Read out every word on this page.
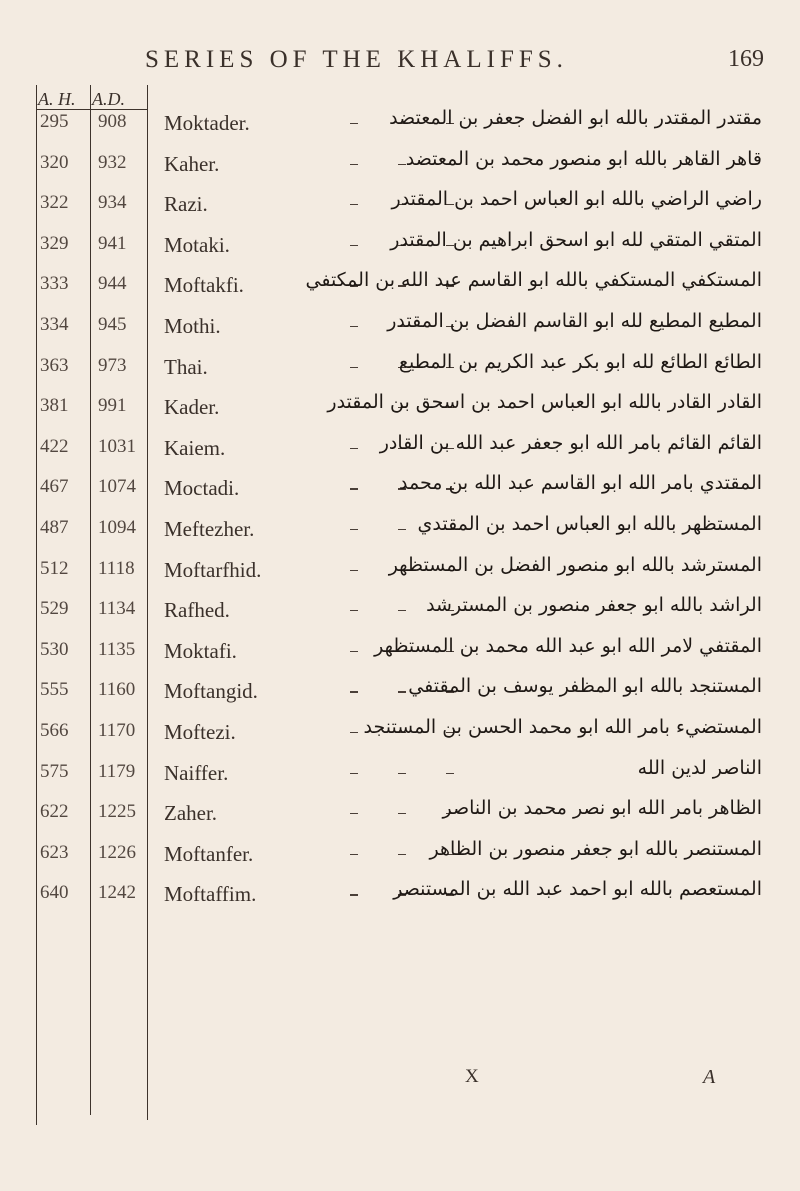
SERIES OF THE KHALIFFS.	169
A. H. A.D.
295 908 Moktader.	مقتدر المقتدر بالله ابو الفضل جعفر بن المعتضد
320 932 Kaher.	قاهر القاهر بالله ابو منصور محمد بن المعتضد
322 934 Razi.	راضي الراضي بالله ابو العباس احمد بن المقتدر
329 941 Motaki.	المتقي المتقي لله ابو اسحق ابراهيم بن المقتدر
333 944 Moftakfi.	المستكفي المستكفي بالله ابو القاسم عبد الله بن المكتفي
334 945 Mothi.	المطيع المطيع لله ابو القاسم الفضل بن المقتدر
363 973 Thai.	الطائع الطائع لله ابو بكر عبد الكريم بن المطيع
381 991 Kader.	القادر القادر بالله ابو العباس احمد بن اسحق بن المقتدر
422 1031 Kaiem.	القائم القائم بامر الله ابو جعفر عبد الله بن القادر
467 1074 Moctadi.	المقتدي بامر الله ابو القاسم عبد الله بن محمد
487 1094 Meftezher.	المستظهر بالله ابو العباس احمد بن المقتدي
512 1118 Moftarfhid.	المسترشد بالله ابو منصور الفضل بن المستظهر
529 1134 Rafhed.	الراشد بالله ابو جعفر منصور بن المسترشد
530 1135 Moktafi.	المقتفي لامر الله ابو عبد الله محمد بن المستظهر
555 1160 Moftangid.	المستنجد بالله ابو المظفر يوسف بن المقتفي
566 1170 Moftezi.	المستضيء بامر الله ابو محمد الحسن بن المستنجد
575 1179 Naiffer.	الناصر لدين الله
622 1225 Zaher.	الظاهر بامر الله ابو نصر محمد بن الناصر
623 1226 Moftanfer.	المستنصر بالله ابو جعفر منصور بن الظاهر
640 1242 Moftaffim.	المستعصم بالله ابو احمد عبد الله بن المستنصر
X	A
